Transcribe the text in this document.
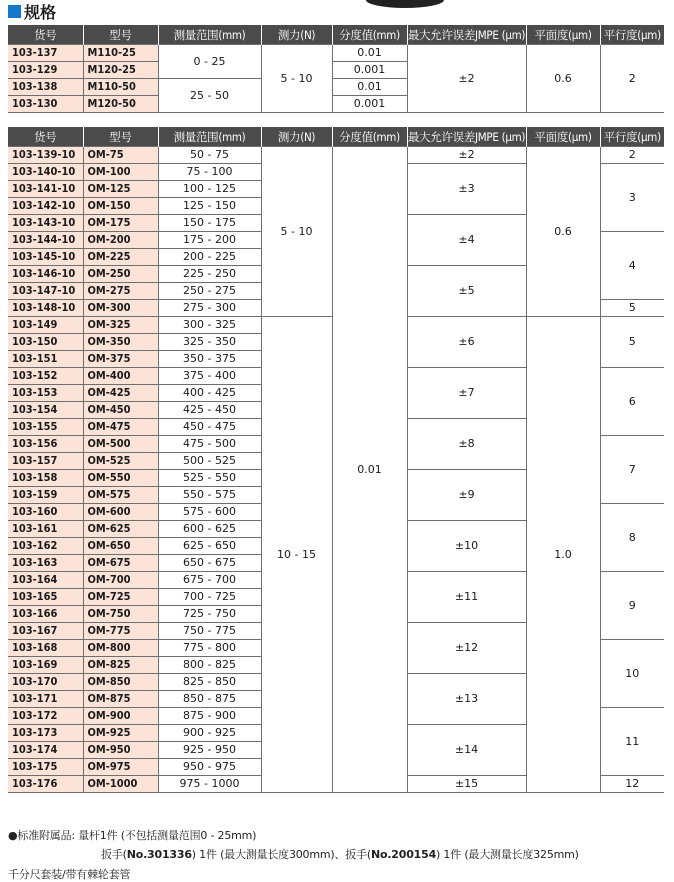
规格
货号	型号	测量范围(mm)	测力(N)	分度值(mm)	最大允许误差JMPE (μm)	平面度(μm)	平行度(μm)
103-137	M110-25	0 - 25	5 - 10	0.01	±2	0.6	2
103-129	M120-25			0.001			
103-138	M110-50	25 - 50		0.01			
103-130	M120-50			0.001			
货号	型号	测量范围(mm)	测力(N)	分度值(mm)	最大允许误差JMPE (μm)	平面度(μm)	平行度(μm)
103-139-10	OM-75	50 - 75	5 - 10	0.01	±2	0.6	2
103-140-10	OM-100	75 - 100			±3		3
103-141-10	OM-125	100 - 125					
103-142-10	OM-150	125 - 150					
103-143-10	OM-175	150 - 175			±4		
103-144-10	OM-200	175 - 200					4
103-145-10	OM-225	200 - 225					
103-146-10	OM-250	225 - 250			±5		
103-147-10	OM-275	250 - 275					
103-148-10	OM-300	275 - 300					5
103-149	OM-325	300 - 325	10 - 15		±6	1.0	5
103-150	OM-350	325 - 350					
103-151	OM-375	350 - 375					
103-152	OM-400	375 - 400			±7		6
103-153	OM-425	400 - 425					
103-154	OM-450	425 - 450					
103-155	OM-475	450 - 475			±8		
103-156	OM-500	475 - 500					7
103-157	OM-525	500 - 525					
103-158	OM-550	525 - 550			±9		
103-159	OM-575	550 - 575					
103-160	OM-600	575 - 600					8
103-161	OM-625	600 - 625			±10		
103-162	OM-650	625 - 650					
103-163	OM-675	650 - 675					
103-164	OM-700	675 - 700			±11		9
103-165	OM-725	700 - 725					
103-166	OM-750	725 - 750					
103-167	OM-775	750 - 775			±12		
103-168	OM-800	775 - 800					10
103-169	OM-825	800 - 825					
103-170	OM-850	825 - 850			±13		
103-171	OM-875	850 - 875					
103-172	OM-900	875 - 900					11
103-173	OM-925	900 - 925			±14		
103-174	OM-950	925 - 950					
103-175	OM-975	950 - 975					
103-176	OM-1000	975 - 1000			±15		12
●标准附属品: 量杆1件 (不包括测量范围0 - 25mm)
扳手(No.301336) 1件 (最大测量长度300mm)、扳手(No.200154) 1件 (最大测量长度325mm)
千分尺套装/带有棘轮套管
